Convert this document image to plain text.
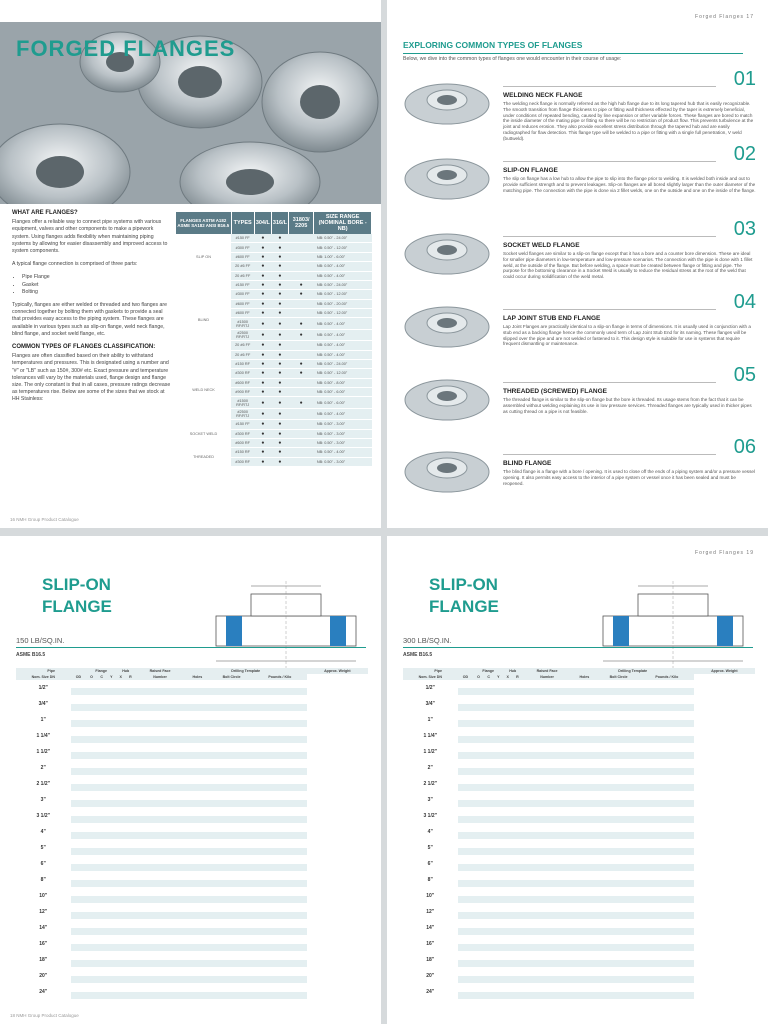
FORGED FLANGES
WHAT ARE FLANGES?

Flanges offer a reliable way to connect pipe systems with various equipment, valves and other components to make a pipework system. Using flanges adds flexibility when maintaining piping systems by allowing for easier disassembly and improved access to system components.

A typical flange connection is comprised of three parts:

• Pipe Flange
• Gasket
• Bolting

Typically, flanges are either welded or threaded and two flanges are connected together by bolting them with gaskets to provide a seal that provides easy access to the piping system. These flanges are available in various types such as slip-on flange, weld neck flange, blind flange, and socket weld flange, etc.

COMMON TYPES OF FLANGES CLASSIFICATION:

Flanges are often classified based on their ability to withstand temperatures and pressures. This is designated using a number and "#" or "LB" such as 150#, 300# etc. Exact pressure and temperature tolerances will vary by the materials used, flange design and flange size. The only constant is that in all cases, pressure ratings decrease as temperatures rise. Below are some of the sizes that we stock at HH Stainless:

FLANGES ASTM A182 ASME SA182 ANSI B16.5	TYPES	304/L	316/L	31803/ 2205	SIZE RANGE (NOMINAL BORE - NB)
SLIP ON	#150 FF	●	●		NB: 0.50" - 24.00"
	#300 FF	●	●		NB: 0.50" - 12.00"
	#600 FF	●	●		NB: 1.00" - 6.00"
	20 #6 FF	●	●		NB: 0.50" - 4.00"
	20 #6 FF	●	●		NB: 0.50" - 4.00"
BLIND	#150 FF	●	●	●	NB: 0.50" - 24.00"
	#300 FF	●	●	●	NB: 0.50" - 12.00"
	#600 FF	●	●		NB: 0.50" - 20.00"
	#600 FF	●	●		NB: 0.50" - 12.00"
	#1500 RF/RTJ	●	●	●	NB: 0.50" - 4.00"
	#2500 RF/RTJ	●	●	●	NB: 0.50" - 4.00"
	20 #6 FF	●	●		NB: 0.50" - 4.00"
	20 #6 FF	●	●		NB: 0.50" - 4.00"
WELD NECK	#150 RF	●	●	●	NB: 0.50" - 24.00"
	#300 RF	●	●	●	NB: 0.50" - 12.00"
	#600 RF	●	●		NB: 0.50" - 8.00"
	#900 RF	●	●		NB: 0.50" - 6.00"
	#1500 RF/RTJ	●	●	●	NB: 0.50" - 6.00"
	#2500 RF/RTJ	●	●		NB: 0.50" - 4.00"
SOCKET WELD	#150 FF	●	●		NB: 0.50" - 3.00"
	#300 RF	●	●		NB: 0.50" - 3.00"
	#600 RF	●	●		NB: 0.50" - 3.00"
THREADED	#150 RF	●	●		NB: 0.50" - 4.00"
	#300 RF	●	●		NB: 0.50" - 3.00"
16 NMH Group Product Catalogue
Forged Flanges 17
EXPLORING COMMON TYPES OF FLANGES
Below, we dive into the common types of flanges one would encounter in their course of usage:
01
WELDING NECK FLANGE

The welding neck flange is normally referred as the high hub flange due to its long tapered hub that is easily recognizable. The smooth transition from flange thickness to pipe or fitting wall thickness effected by the taper is extremely beneficial, under conditions of repeated bending, caused by line expansion or other variable forces. These flanges are bored to match the inside diameter of the mating pipe or fitting so there will be no restriction of product flow. This prevents turbulence at the joint and reduces erosion. They also provide excellent stress distribution through the tapered hub and are easily radiographed for flaw detection. This flange type will be welded to a pipe or fitting with a single full penetration, V weld (buttweld).

02
SLIP-ON FLANGE

The slip on flange has a low hub to allow the pipe to slip into the flange prior to welding. It is welded both inside and out to provide sufficient strength and to prevent leakages. Slip-on flanges are all bored slightly larger than the outer diameter of the matching pipe. The connection with the pipe is done via 2 fillet welds, one on the outside and one on the inside of the flange.

03
SOCKET WELD FLANGE

Socket weld flanges are similar to a slip-on flange except that it has a bore and a counter bore dimension. These are ideal for smaller pipe diameters in low-temperature and low-pressure scenarios. The connection with the pipe is done with 1 fillet weld, at the outside of the flange. But before welding, a space must be created between flange or fitting and pipe. The purpose for the bottoming clearance in a Socket Weld is usually to reduce the residual stress at the root of the weld that could occur during solidification of the weld metal.

04
LAP JOINT STUB END FLANGE

Lap Joint Flanges are practically identical to a slip-on flange in terms of dimensions. It is usually used in conjunction with a stub end as a backing flange hence the commonly used term of Lap Joint Stub End for its naming. These flanges will be slipped over the pipe and are not welded or fastened to it. This design style is suitable for use in systems that require frequent dismantling or maintenance.

05
THREADED (SCREWED) FLANGE

The threaded flange is similar to the slip-on flange but the bore is threaded. Its usage stems from the fact that it can be assembled without welding explaining its use in low pressure services. Threaded flanges are typically used in thicker pipes as cutting thread on a pipe is not feasible.

06
BLIND FLANGE

The blind flange is a flange with a bore / opening. It is used to close off the ends of a piping system and/or a pressure vessel opening. It also permits easy access to the interior of a pipe system or vessel once it has been sealed and must be reopened.

SLIP-ON
FLANGE
150 LB/SQ.IN.
ASME B16.5
Pipe		Flange			Hub		Raised Face	Drilling Template			Approx. Weight
Nom. Size DN	OD	O	C	Y	X	R	Number	Holes	Bolt Circle	Pounds / Kilo	
1/2"											

3/4"											

1"											

1 1/4"											

1 1/2"											

2"											

2 1/2"											

3"											

3 1/2"											

4"											

5"											

6"											

8"											

10"											

12"											

14"											

16"											

18"											

20"											

24"											

18 NMH Group Product Catalogue
Forged Flanges 19
SLIP-ON
FLANGE
300 LB/SQ.IN.
ASME B16.5
Pipe		Flange			Hub		Raised Face	Drilling Template			Approx. Weight
Nom. Size DN	OD	O	C	Y	X	R	Number	Holes	Bolt Circle	Pounds / Kilo	
1/2"											

3/4"											

1"											

1 1/4"											

1 1/2"											

2"											

2 1/2"											

3"											

3 1/2"											

4"											

5"											

6"											

8"											

10"											

12"											

14"											

16"											

18"											

20"											

24"											
